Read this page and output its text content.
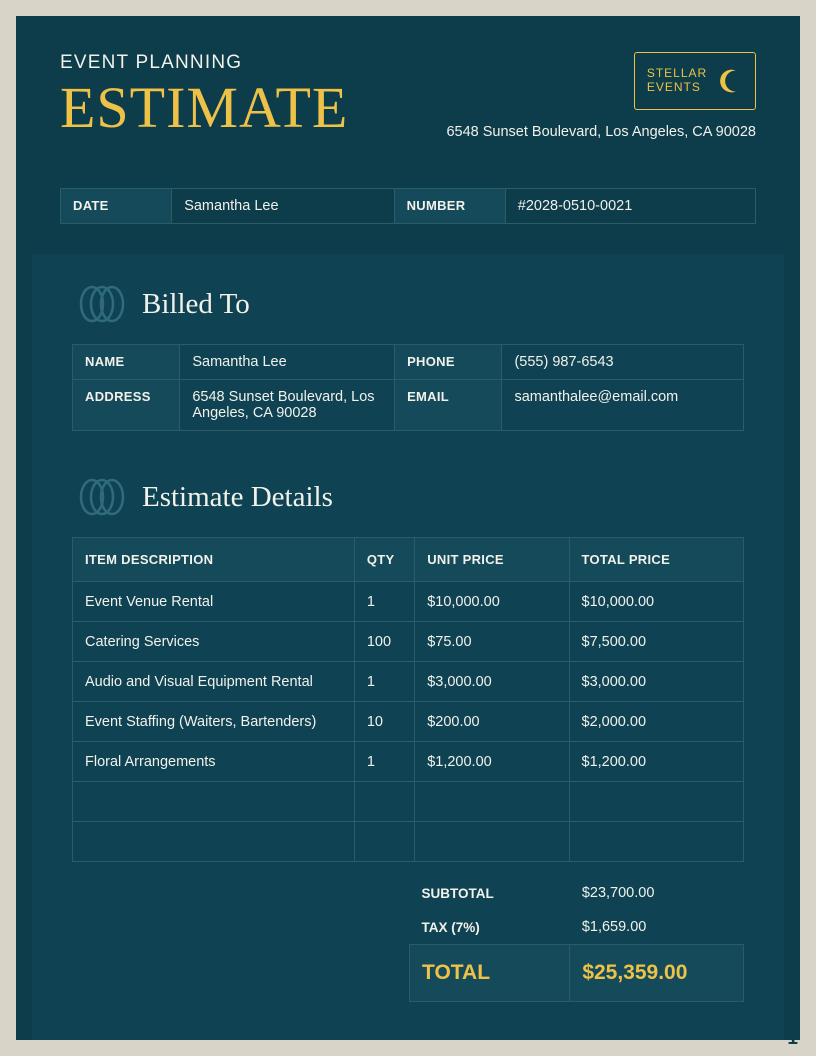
EVENT PLANNING
ESTIMATE
STELLAR
EVENTS
6548 Sunset Boulevard, Los Angeles, CA 90028
DATE	Samantha Lee	NUMBER	#2028-0510-0021
Billed To
NAME	Samantha Lee	PHONE	(555) 987-6543
ADDRESS	6548 Sunset Boulevard, Los Angeles, CA 90028	EMAIL	samanthalee@email.com
Estimate Details
ITEM DESCRIPTION	QTY	UNIT PRICE	TOTAL PRICE
Event Venue Rental	1	$10,000.00	$10,000.00
Catering Services	100	$75.00	$7,500.00
Audio and Visual Equipment Rental	1	$3,000.00	$3,000.00
Event Staffing (Waiters, Bartenders)	10	$200.00	$2,000.00
Floral Arrangements	1	$1,200.00	$1,200.00

SUBTOTAL	$23,700.00
TAX (7%)	$1,659.00
TOTAL	$25,359.00
1
